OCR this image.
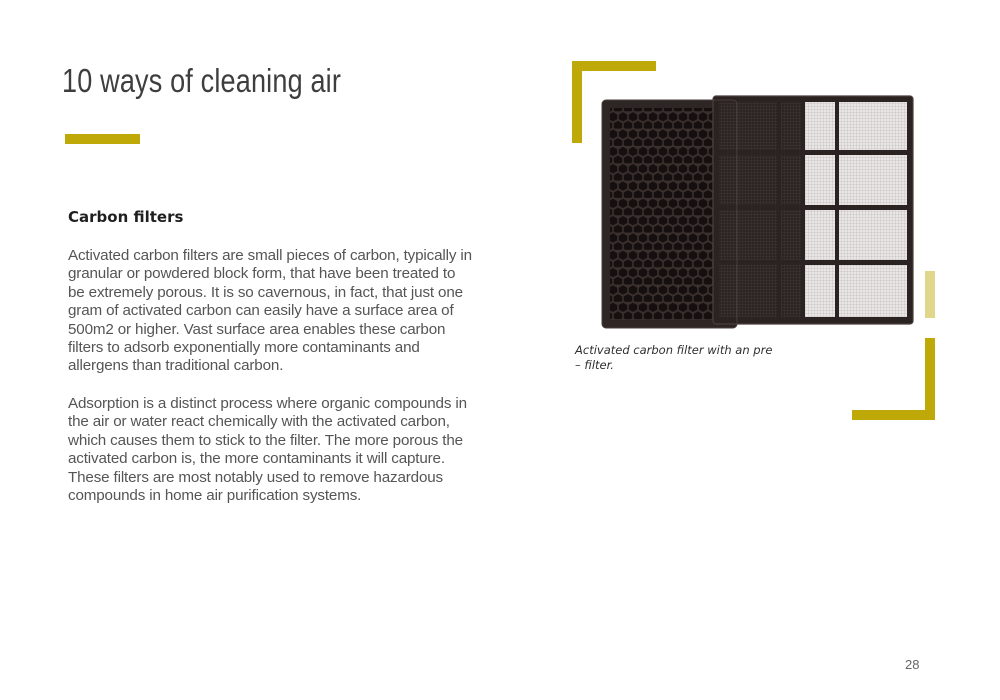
10 ways of cleaning air
Carbon filters
Activated carbon filters are small pieces of carbon, typically in
granular or powdered block form, that have been treated to
be extremely porous. It is so cavernous, in fact, that just one
gram of activated carbon can easily have a surface area of
500m2 or higher. Vast surface area enables these carbon
filters to adsorb exponentially more contaminants and
allergens than traditional carbon.
Adsorption is a distinct process where organic compounds in
the air or water react chemically with the activated carbon,
which causes them to stick to the filter. The more porous the
activated carbon is, the more contaminants it will capture.
These filters are most notably used to remove hazardous
compounds in home air purification systems.
Activated carbon filter with an pre
– filter.
28
